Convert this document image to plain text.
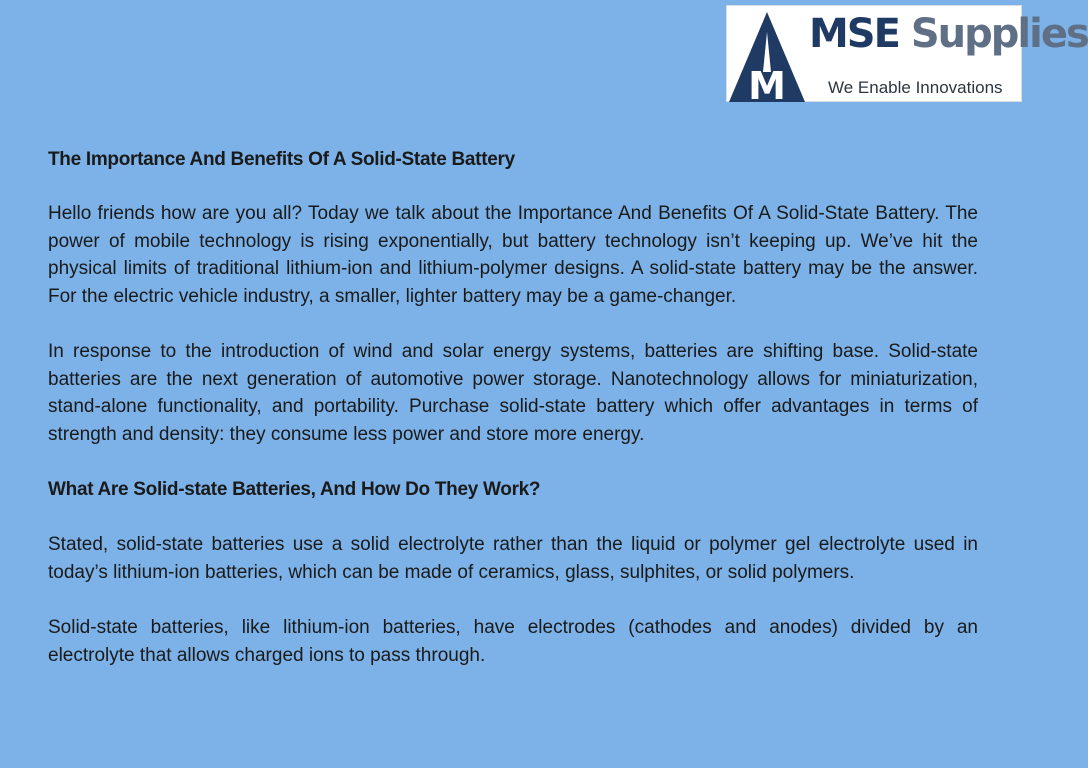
M
MSE Supplies
We Enable Innovations
The Importance And Benefits Of A Solid-State Battery

Hello friends how are you all? Today we talk about the Importance And Benefits Of A Solid-State Battery. The power of mobile technology is rising exponentially, but battery technology isn’t keeping up. We’ve hit the physical limits of traditional lithium-ion and lithium-polymer designs. A solid-state battery may be the answer. For the electric vehicle industry, a smaller, lighter battery may be a game-changer.

In response to the introduction of wind and solar energy systems, batteries are shifting base. Solid-state batteries are the next generation of automotive power storage. Nanotechnology allows for miniaturization, stand-alone functionality, and portability. Purchase solid-state battery which offer advantages in terms of strength and density: they consume less power and store more energy.

What Are Solid-state Batteries, And How Do They Work?

Stated, solid-state batteries use a solid electrolyte rather than the liquid or polymer gel electrolyte used in today’s lithium-ion batteries, which can be made of ceramics, glass, sulphites, or solid polymers.

Solid-state batteries, like lithium-ion batteries, have electrodes (cathodes and anodes) divided by an electrolyte that allows charged ions to pass through.
